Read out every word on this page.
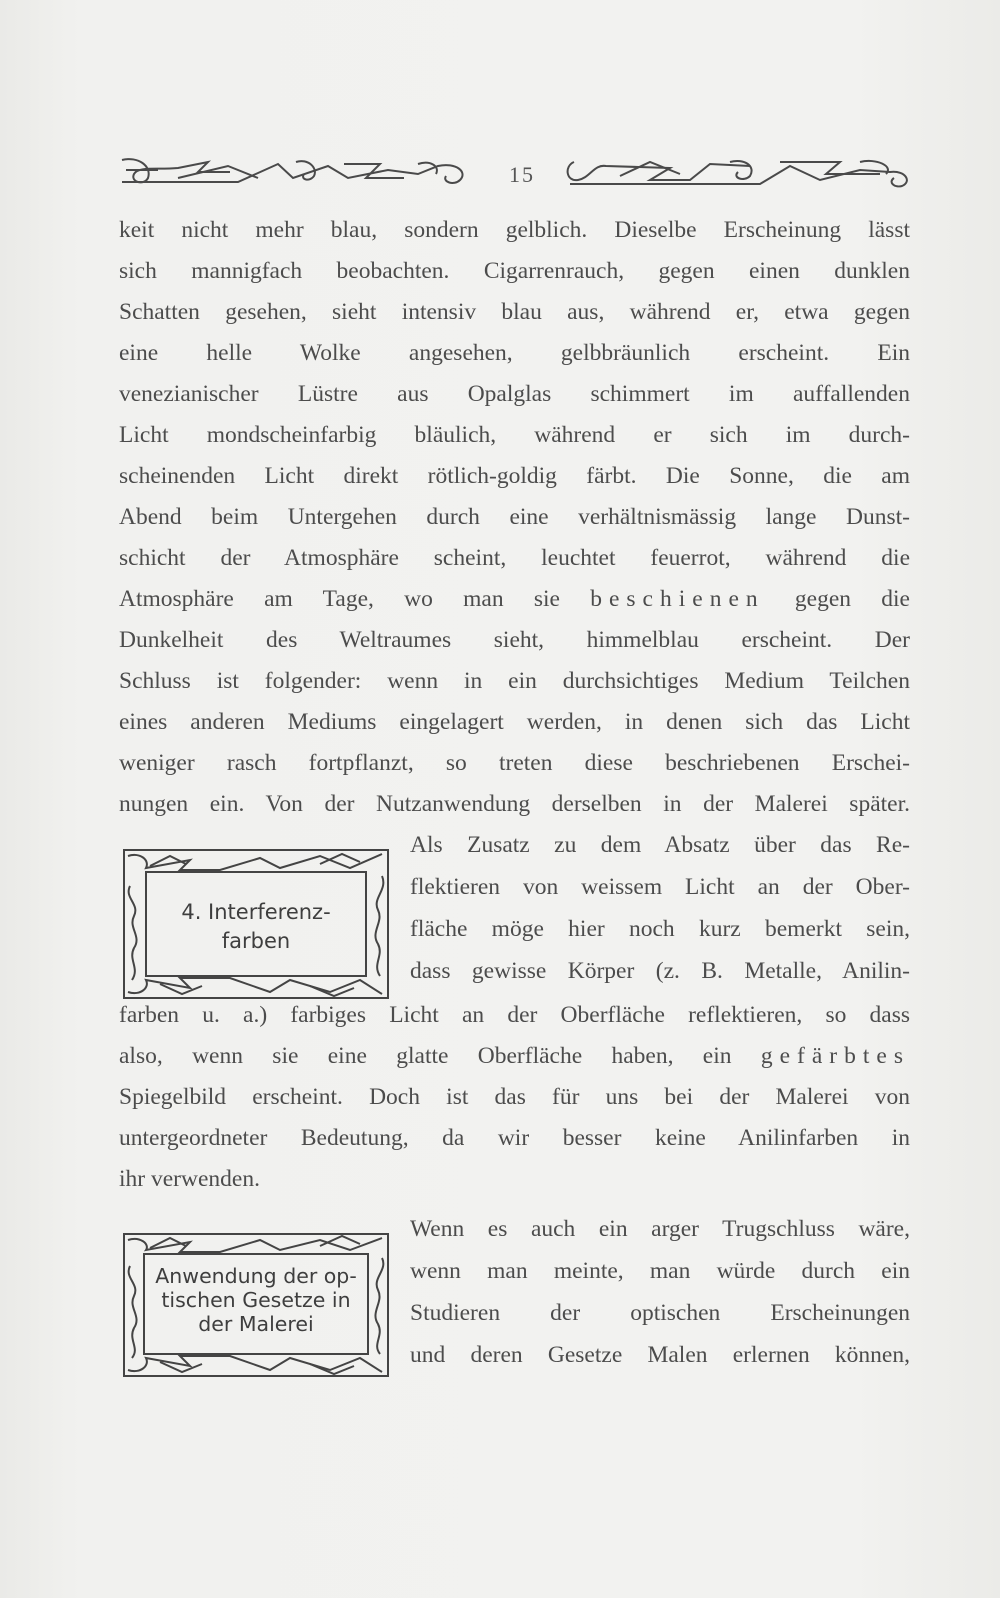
15
keit nicht mehr blau, sondern gelblich. Dieselbe Erscheinung lässt
sich mannigfach beobachten. Cigarrenrauch, gegen einen dunklen
Schatten gesehen, sieht intensiv blau aus, während er, etwa gegen
eine helle Wolke angesehen, gelbbräunlich erscheint. Ein
venezianischer Lüstre aus Opalglas schimmert im auffallenden
Licht mondscheinfarbig bläulich, während er sich im durch-
scheinenden Licht direkt rötlich-goldig färbt. Die Sonne, die am
Abend beim Untergehen durch eine verhältnismässig lange Dunst-
schicht der Atmosphäre scheint, leuchtet feuerrot, während die
Atmosphäre am Tage, wo man sie beschienen gegen die
Dunkelheit des Weltraumes sieht, himmelblau erscheint. Der
Schluss ist folgender: wenn in ein durchsichtiges Medium Teilchen
eines anderen Mediums eingelagert werden, in denen sich das Licht
weniger rasch fortpflanzt, so treten diese beschriebenen Erschei-
nungen ein. Von der Nutzanwendung derselben in der Malerei später.
4. Interferenz-
farben
Als Zusatz zu dem Absatz über das Re-
flektieren von weissem Licht an der Ober-
fläche möge hier noch kurz bemerkt sein,
dass gewisse Körper (z. B. Metalle, Anilin-
farben u. a.) farbiges Licht an der Oberfläche reflektieren, so dass
also, wenn sie eine glatte Oberfläche haben, ein gefärbtes
Spiegelbild erscheint. Doch ist das für uns bei der Malerei von
untergeordneter Bedeutung, da wir besser keine Anilinfarben in
ihr verwenden.
Anwendung der op-
tischen Gesetze in
der Malerei
Wenn es auch ein arger Trugschluss wäre,
wenn man meinte, man würde durch ein
Studieren der optischen Erscheinungen
und deren Gesetze Malen erlernen können,
